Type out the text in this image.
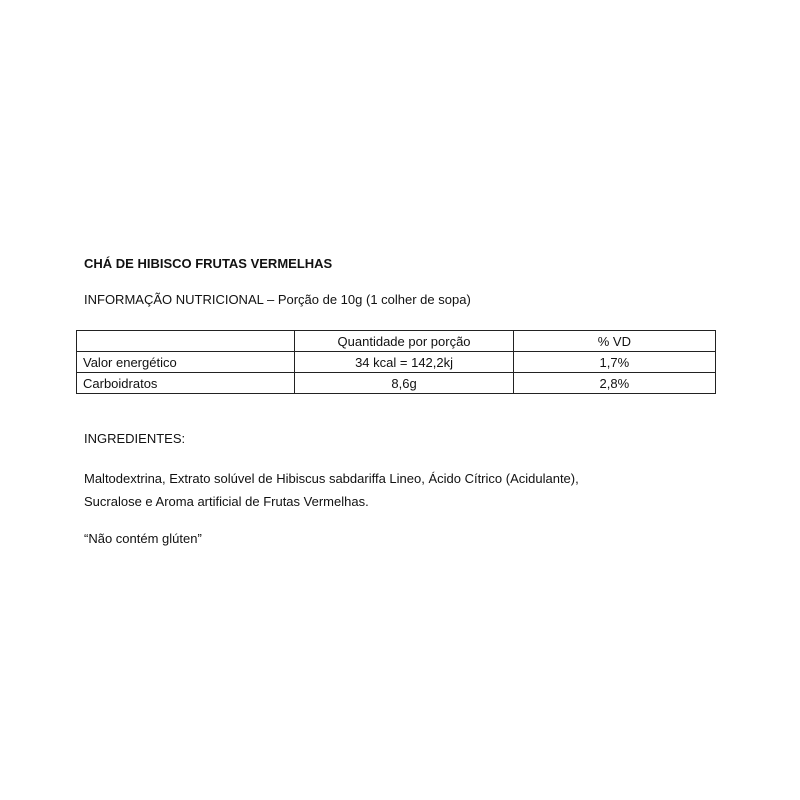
CHÁ DE HIBISCO FRUTAS VERMELHAS
INFORMAÇÃO NUTRICIONAL – Porção de 10g (1 colher de sopa)
	Quantidade por porção	% VD
Valor energético	34 kcal = 142,2kj	1,7%
Carboidratos	8,6g	2,8%
INGREDIENTES:
Maltodextrina, Extrato solúvel de Hibiscus sabdariffa Lineo, Ácido Cítrico (Acidulante),
Sucralose e Aroma artificial de Frutas Vermelhas.
“Não contém glúten”
